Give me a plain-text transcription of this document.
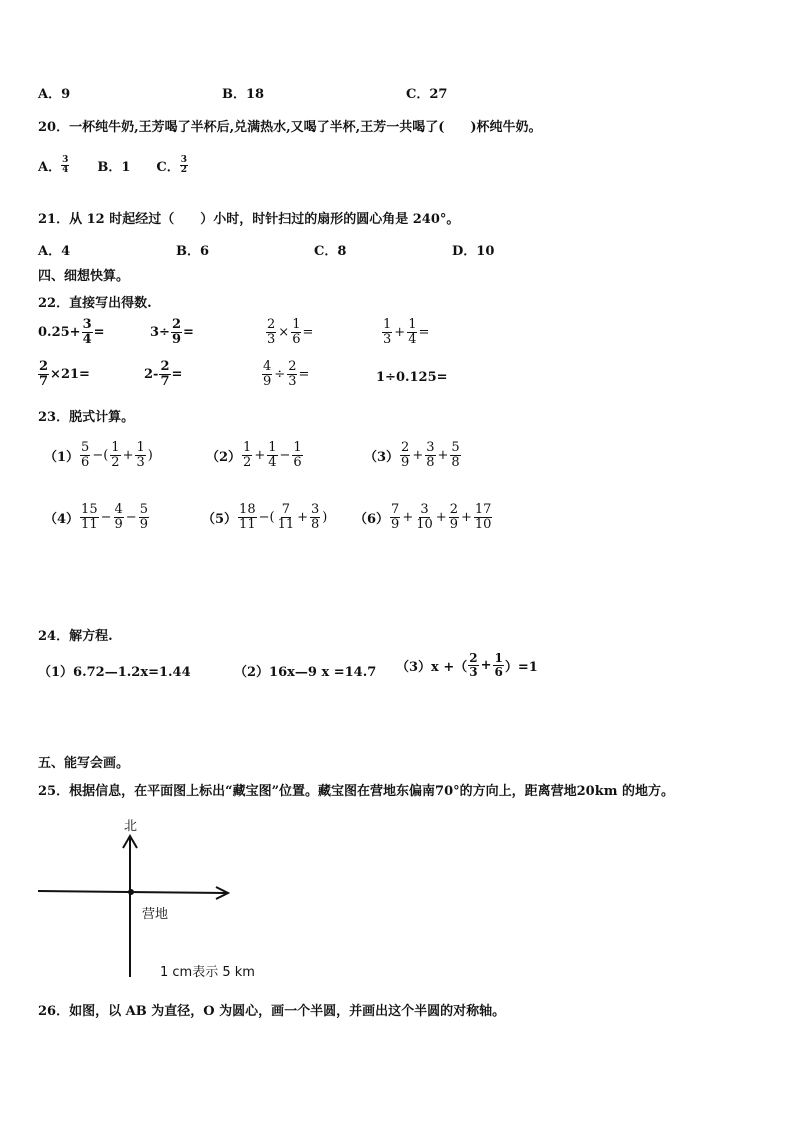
A．9	B．18	C．27
20．一杯纯牛奶,王芳喝了半杯后,兑满热水,又喝了半杯,王芳一共喝了(　　)杯纯牛奶。
A． $\frac{3}{4}$ B．1 C． $\frac{3}{2}$
21．从 12 时起经过（　　）小时，时针扫过的扇形的圆心角是 240°。
A．4	B．6	C．8	D．10
四、细想快算。
22．直接写出得数.
$0.25+ \frac{3}{4}$ =	$3\div \frac{2}{9}$ =	$\frac{2}{3} \times \frac{1}{6}$ =	$\frac{1}{3} + \frac{1}{4}$ =
$\frac{2}{7} \times 21=$	$2- \frac{2}{7}$ =	$\frac{4}{9} \div \frac{2}{3}$ =	1÷0.125=
23．脱式计算。
$(1) \frac{5}{6}$ −( $\frac{1}{2} + \frac{1}{3}$ )	$(2) \frac{1}{2} + \frac{1}{4} - \frac{1}{6}$	$(3) \frac{2}{9} + \frac{3}{8} + \frac{5}{8}$
$(4) \frac{15}{11} - \frac{4}{9} - \frac{5}{9}$	$(5) \frac{18}{11}$ −( $\frac{7}{11} + \frac{3}{8}$ ) $(6) \frac{7}{9} + \frac{3}{10} + \frac{2}{9} + \frac{17}{10}$
24．解方程.
（1）6.72—1.2x=1.44	（2）16x—9 x =14.7 （3）x +（ $\frac{2}{3} + \frac{1}{6} )=1$
五、能写会画。
25．根据信息，在平面图上标出“藏宝图”位置。藏宝图在营地东偏南70°的方向上，距离营地20km 的地方。
北
营地
1 cm表示 5 km
26．如图，以 AB 为直径，O 为圆心，画一个半圆，并画出这个半圆的对称轴。
